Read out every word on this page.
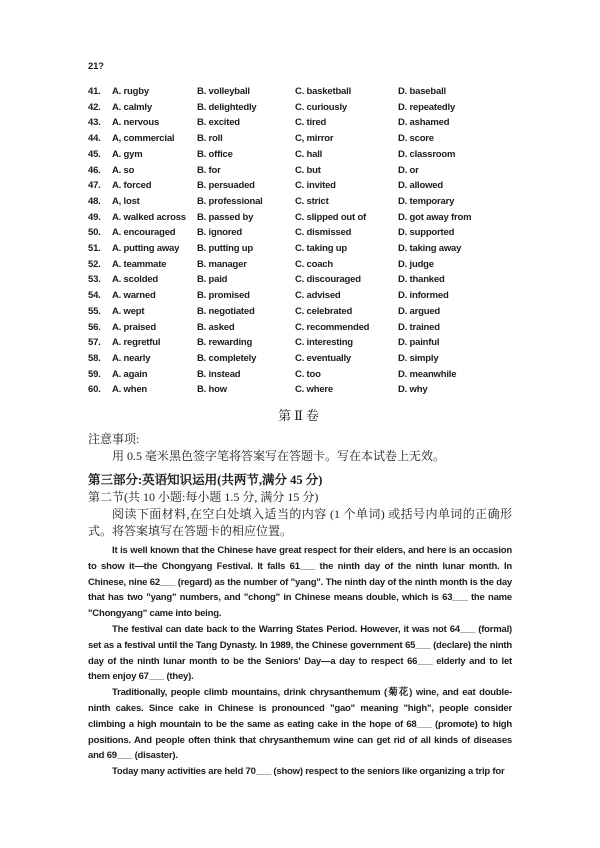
21?
41.	A. rugby	B. volleyball	C. basketball	D. baseball
42.	A. calmly	B. delightedly	C. curiously	D. repeatedly
43.	A. nervous	B. excited	C. tired	D. ashamed
44.	A, commercial	B. roll	C, mirror	D. score
45.	A. gym	B. office	C. hall	D. classroom
46.	A. so	B. for	C. but	D. or
47.	A. forced	B. persuaded	C. invited	D. allowed
48.	A, lost	B. professional	C. strict	D. temporary
49.	A. walked across	B. passed by	C. slipped out of	D. got away from
50.	A. encouraged	B. ignored	C. dismissed	D. supported
51.	A. putting away	B. putting up	C. taking up	D. taking away
52.	A. teammate	B. manager	C. coach	D. judge
53.	A. scolded	B. paid	C. discouraged	D. thanked
54.	A. warned	B. promised	C. advised	D. informed
55.	A. wept	B. negotiated	C. celebrated	D. argued
56.	A. praised	B. asked	C. recommended	D. trained
57.	A. regretful	B. rewarding	C. interesting	D. painful
58.	A. nearly	B. completely	C. eventually	D. simply
59.	A. again	B. instead	C. too	D. meanwhile
60.	A. when	B. how	C. where	D. why
第Ⅱ卷
注意事项:
用 0.5 毫米黑色签字笔将答案写在答题卡。写在本试卷上无效。
第三部分:英语知识运用(共两节,满分 45 分)
第二节(共 10 小题:每小题 1.5 分, 满分 15 分)
阅读下面材料,在空白处填入适当的内容 (1 个单词) 或括号内单词的正确形式。将答案填写在答题卡的相应位置。

It is well known that the Chinese have great respect for their elders, and here is an occasion to show it—the Chongyang Festival. It falls 61___ the ninth day of the ninth lunar month. In Chinese, nine 62___ (regard) as the number of "yang". The ninth day of the ninth month is the day that has two "yang" numbers, and "chong" in Chinese means double, which is 63___ the name "Chongyang" came into being.

The festival can date back to the Warring States Period. However, it was not 64___ (formal) set as a festival until the Tang Dynasty. In 1989, the Chinese government 65___ (declare) the ninth day of the ninth lunar month to be the Seniors' Day—a day to respect 66___ elderly and to let them enjoy 67___ (they).

Traditionally, people climb mountains, drink chrysanthemum (菊花) wine, and eat double-ninth cakes. Since cake in Chinese is pronounced "gao" meaning "high", people consider climbing a high mountain to be the same as eating cake in the hope of 68___ (promote) to high positions. And people often think that chrysanthemum wine can get rid of all kinds of diseases and 69___ (disaster).

Today many activities are held 70___ (show) respect to the seniors like organizing a trip for
